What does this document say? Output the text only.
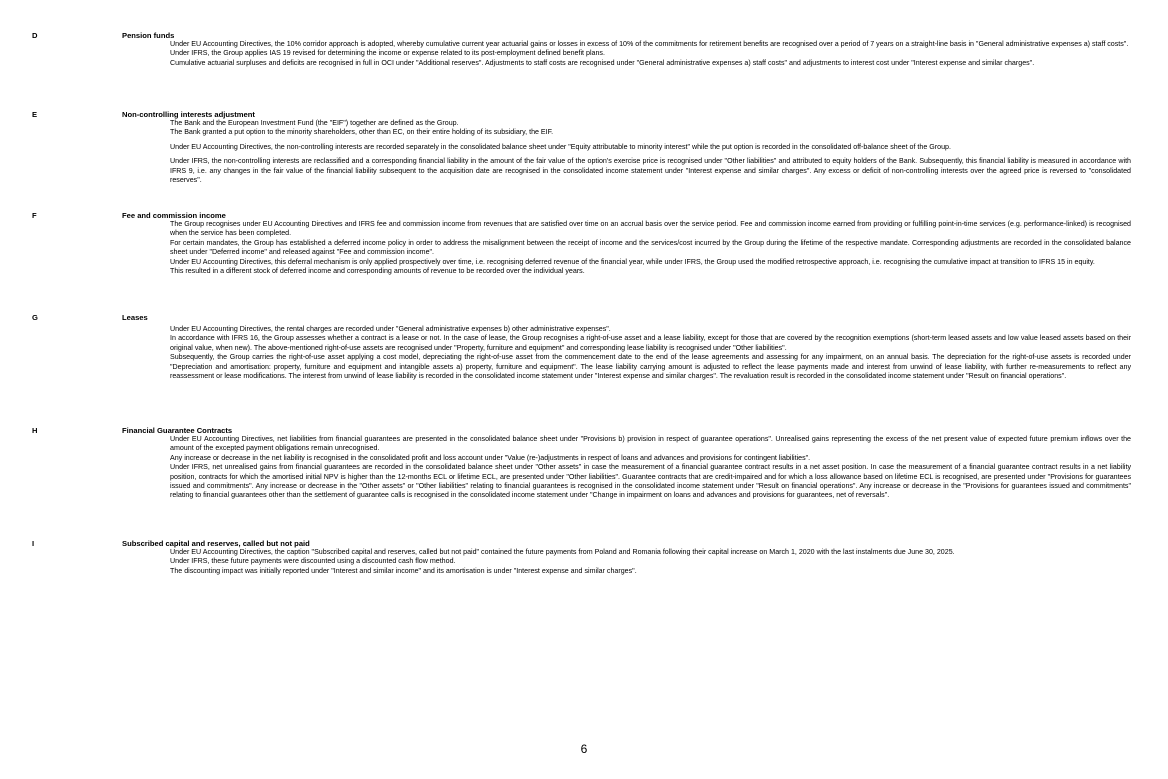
D	Pension funds

Under EU Accounting Directives, the 10% corridor approach is adopted, whereby cumulative current year actuarial gains or losses in excess of 10% of the commitments for retirement benefits are recognised over a period of 7 years on a straight-line basis in "General administrative expenses a) staff costs".

Under IFRS, the Group applies IAS 19 revised for determining the income or expense related to its post-employment defined benefit plans.

Cumulative actuarial surpluses and deficits are recognised in full in OCI under "Additional reserves". Adjustments to staff costs are recognised under "General administrative expenses a) staff costs" and adjustments to interest cost under "Interest expense and similar charges".

E	Non-controlling interests adjustment

The Bank and the European Investment Fund (the "EIF") together are defined as the Group.

The Bank granted a put option to the minority shareholders, other than EC, on their entire holding of its subsidiary, the EIF.

Under EU Accounting Directives, the non-controlling interests are recorded separately in the consolidated balance sheet under "Equity attributable to minority interest" while the put option is recorded in the consolidated off-balance sheet of the Group.

Under IFRS, the non-controlling interests are reclassified and a corresponding financial liability in the amount of the fair value of the option's exercise price is recognised under "Other liabilities" and attributed to equity holders of the Bank. Subsequently, this financial liability is measured in accordance with IFRS 9, i.e. any changes in the fair value of the financial liability subsequent to the acquisition date are recognised in the consolidated income statement under "Interest expense and similar charges". Any excess or deficit of non-controlling interests over the agreed price is reversed to "consolidated reserves".

F	Fee and commission income

The Group recognises under EU Accounting Directives and IFRS fee and commission income from revenues that are satisfied over time on an accrual basis over the service period. Fee and commission income earned from providing or fulfilling point-in-time services (e.g. performance-linked) is recognised when the service has been completed.

For certain mandates, the Group has established a deferred income policy in order to address the misalignment between the receipt of income and the services/cost incurred by the Group during the lifetime of the respective mandate. Corresponding adjustments are recorded in the consolidated balance sheet under "Deferred income" and released against "Fee and commission income".

Under EU Accounting Directives, this deferral mechanism is only applied prospectively over time, i.e. recognising deferred revenue of the financial year, while under IFRS, the Group used the modified retrospective approach, i.e. recognising the cumulative impact at transition to IFRS 15 in equity.

This resulted in a different stock of deferred income and corresponding amounts of revenue to be recorded over the individual years.

G	Leases

Under EU Accounting Directives, the rental charges are recorded under "General administrative expenses b) other administrative expenses".

In accordance with IFRS 16, the Group assesses whether a contract is a lease or not. In the case of lease, the Group recognises a right-of-use asset and a lease liability, except for those that are covered by the recognition exemptions (short-term leased assets and low value leased assets based on their original value, when new). The above-mentioned right-of-use assets are recognised under "Property, furniture and equipment" and corresponding lease liability is recognised under "Other liabilities".

Subsequently, the Group carries the right-of-use asset applying a cost model, depreciating the right-of-use asset from the commencement date to the end of the lease agreements and assessing for any impairment, on an annual basis. The depreciation for the right-of-use assets is recorded under "Depreciation and amortisation: property, furniture and equipment and intangible assets a) property, furniture and equipment". The lease liability carrying amount is adjusted to reflect the lease payments made and interest from unwind of lease liability, with further re-measurements to reflect any reassessment or lease modifications. The interest from unwind of lease liability is recorded in the consolidated income statement under "Interest expense and similar charges". The revaluation result is recorded in the consolidated income statement under "Result on financial operations".

H	Financial Guarantee Contracts

Under EU Accounting Directives, net liabilities from financial guarantees are presented in the consolidated balance sheet under "Provisions b) provision in respect of guarantee operations". Unrealised gains representing the excess of the net present value of expected future premium inflows over the amount of the excepted payment obligations remain unrecognised.

Any increase or decrease in the net liability is recognised in the consolidated profit and loss account under "Value (re-)adjustments in respect of loans and advances and provisions for contingent liabilities".

Under IFRS, net unrealised gains from financial guarantees are recorded in the consolidated balance sheet under "Other assets" in case the measurement of a financial guarantee contract results in a net asset position. In case the measurement of a financial guarantee contract results in a net liability position, contracts for which the amortised initial NPV is higher than the 12-months ECL or lifetime ECL, are presented under "Other liabilities". Guarantee contracts that are credit-impaired and for which a loss allowance based on lifetime ECL is recognised, are presented under "Provisions for guarantees issued and commitments". Any increase or decrease in the "Other assets" or "Other liabilities" relating to financial guarantees is recognised in the consolidated income statement under "Result on financial operations". Any increase or decrease in the "Provisions for guarantees issued and commitments" relating to financial guarantees other than the settlement of guarantee calls is recognised in the consolidated income statement under "Change in impairment on loans and advances and provisions for guarantees, net of reversals".

I	Subscribed capital and reserves, called but not paid

Under EU Accounting Directives, the caption "Subscribed capital and reserves, called but not paid" contained the future payments from Poland and Romania following their capital increase on March 1, 2020 with the last instalments due June 30, 2025.

Under IFRS, these future payments were discounted using a discounted cash flow method.

The discounting impact was initially reported under "Interest and similar income" and its amortisation is under "Interest expense and similar charges".

6
